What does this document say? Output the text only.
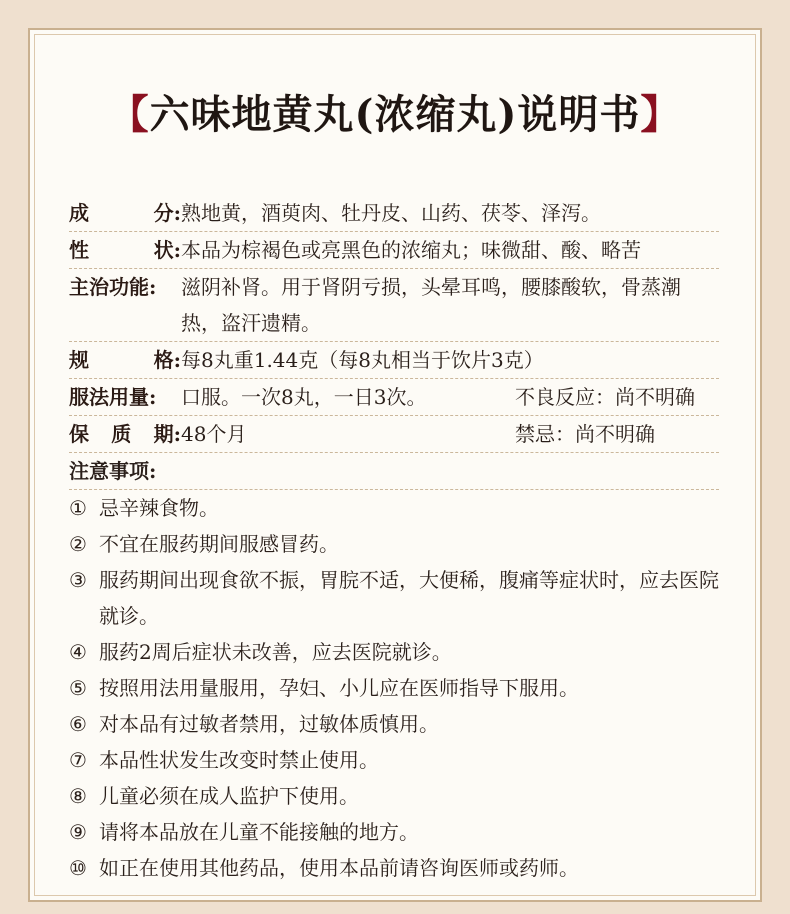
【六味地黄丸(浓缩丸)说明书】
成	分: 熟地黄，酒萸肉、牡丹皮、山药、茯苓、泽泻。
性	状: 本品为棕褐色或亮黑色的浓缩丸；味微甜、酸、略苦
主治功能:	滋阴补肾。用于肾阴亏损，头晕耳鸣，腰膝酸软，骨蒸潮热，盗汗遗精。
规	格: 每8丸重1.44克（每8丸相当于饮片3克）
服法用量:	口服。一次8丸，一日3次。	不良反应：尚不明确
保 质 期: 48个月	禁忌：尚不明确
注意事项:
① 忌辛辣食物。
② 不宜在服药期间服感冒药。
③ 服药期间出现食欲不振，胃脘不适，大便稀，腹痛等症状时，应去医院就诊。
④ 服药2周后症状未改善，应去医院就诊。
⑤ 按照用法用量服用，孕妇、小儿应在医师指导下服用。
⑥ 对本品有过敏者禁用，过敏体质慎用。
⑦ 本品性状发生改变时禁止使用。
⑧ 儿童必须在成人监护下使用。
⑨ 请将本品放在儿童不能接触的地方。
⑩ 如正在使用其他药品，使用本品前请咨询医师或药师。
